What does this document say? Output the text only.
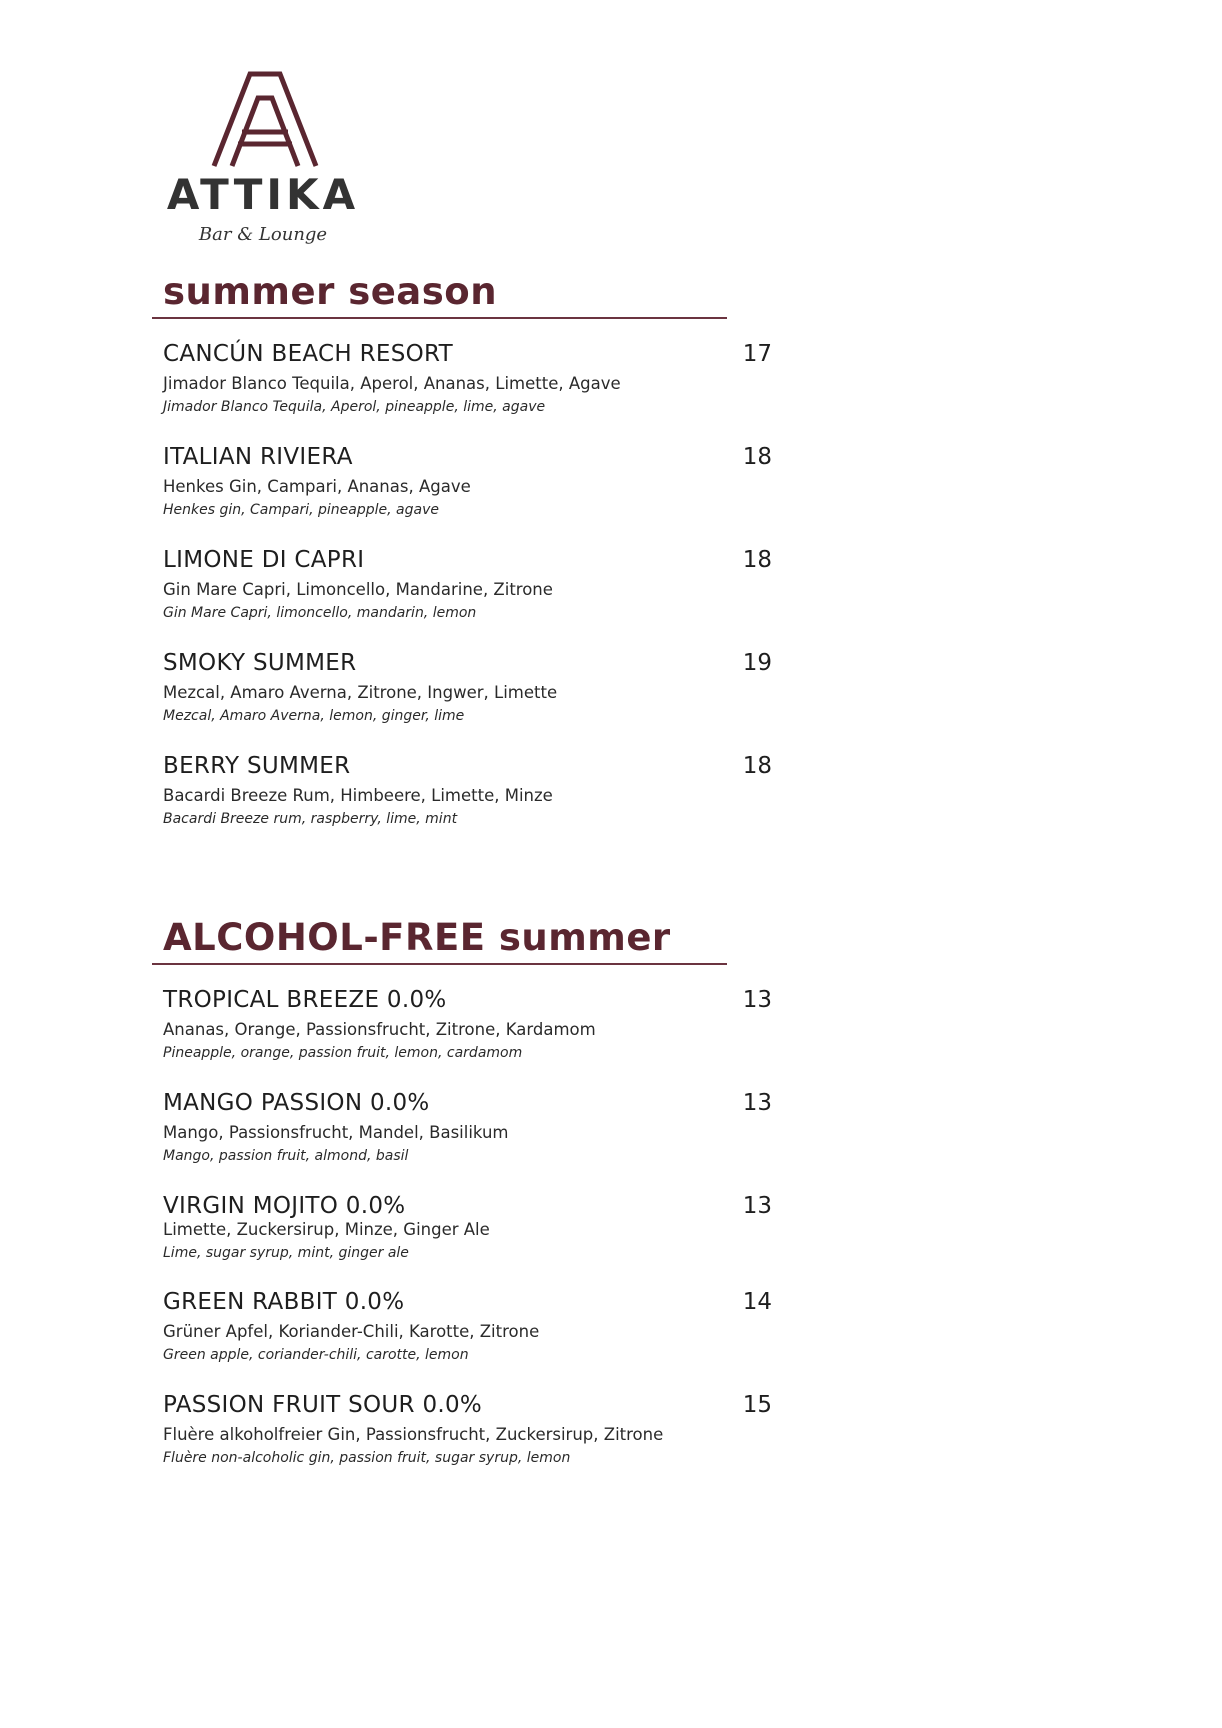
ATTIKA
Bar & Lounge
summer season
CANCÚN BEACH RESORT	17
Jimador Blanco Tequila, Aperol, Ananas, Limette, Agave
Jimador Blanco Tequila, Aperol, pineapple, lime, agave
ITALIAN RIVIERA	18
Henkes Gin, Campari, Ananas, Agave
Henkes gin, Campari, pineapple, agave
LIMONE DI CAPRI	18
Gin Mare Capri, Limoncello, Mandarine, Zitrone
Gin Mare Capri, limoncello, mandarin, lemon
SMOKY SUMMER	19
Mezcal, Amaro Averna, Zitrone, Ingwer, Limette
Mezcal, Amaro Averna, lemon, ginger, lime
BERRY SUMMER	18
Bacardi Breeze Rum, Himbeere, Limette, Minze
Bacardi Breeze rum, raspberry, lime, mint
ALCOHOL-FREE summer
TROPICAL BREEZE 0.0%	13
Ananas, Orange, Passionsfrucht, Zitrone, Kardamom
Pineapple, orange, passion fruit, lemon, cardamom
MANGO PASSION 0.0%	13
Mango, Passionsfrucht, Mandel, Basilikum
Mango, passion fruit, almond, basil
VIRGIN MOJITO 0.0%	13
Limette, Zuckersirup, Minze, Ginger Ale
Lime, sugar syrup, mint, ginger ale
GREEN RABBIT 0.0%	14
Grüner Apfel, Koriander-Chili, Karotte, Zitrone
Green apple, coriander-chili, carotte, lemon
PASSION FRUIT SOUR 0.0%	15
Fluère alkoholfreier Gin, Passionsfrucht, Zuckersirup, Zitrone
Fluère non-alcoholic gin, passion fruit, sugar syrup, lemon
